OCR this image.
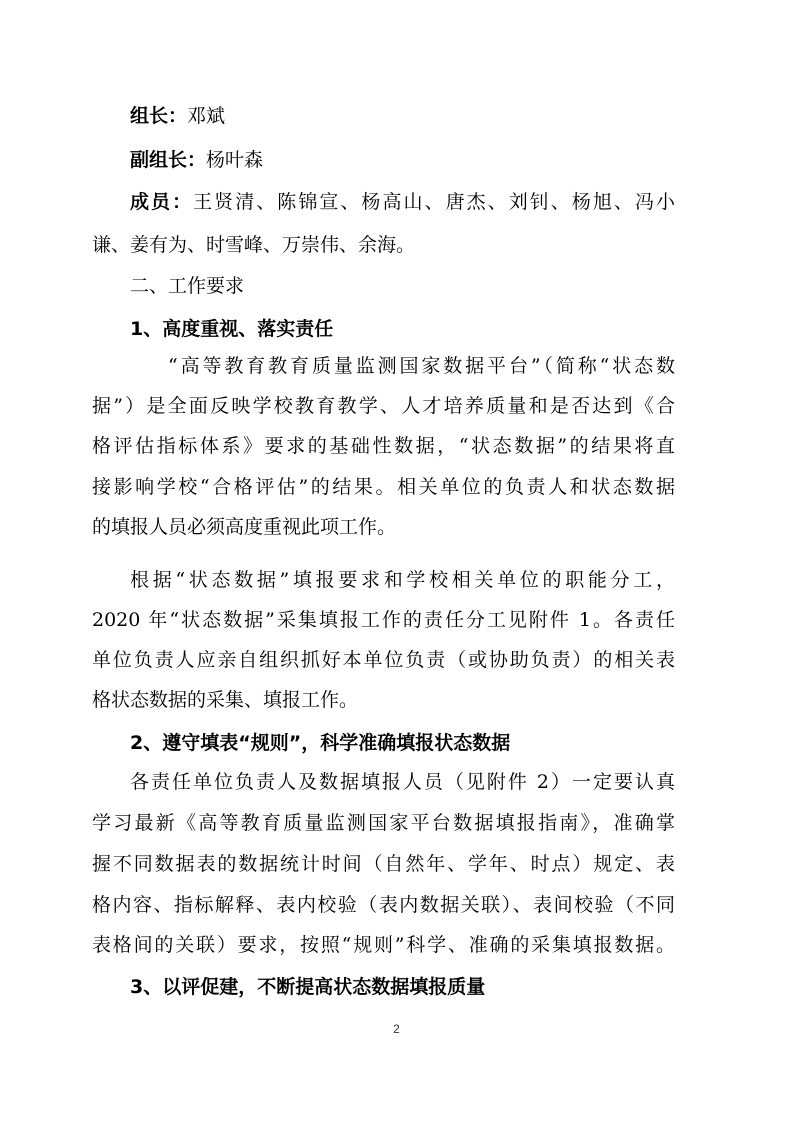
组长：邓斌
副组长：杨叶森
成员：王贤清、陈锦宣、杨高山、唐杰、刘钊、杨旭、冯小
谦、姜有为、时雪峰、万崇伟、余海。
二、工作要求
1、高度重视、落实责任
“高等教育教育质量监测国家数据平台”（简称“状态数
据”）是全面反映学校教育教学、人才培养质量和是否达到《合
格评估指标体系》要求的基础性数据，“状态数据”的结果将直
接影响学校“合格评估”的结果。相关单位的负责人和状态数据
的填报人员必须高度重视此项工作。
根据“状态数据”填报要求和学校相关单位的职能分工，
2020 年“状态数据”采集填报工作的责任分工见附件 1。各责任
单位负责人应亲自组织抓好本单位负责（或协助负责）的相关表
格状态数据的采集、填报工作。
2、遵守填表“规则”，科学准确填报状态数据
各责任单位负责人及数据填报人员（见附件 2）一定要认真
学习最新《高等教育质量监测国家平台数据填报指南》，准确掌
握不同数据表的数据统计时间（自然年、学年、时点）规定、表
格内容、指标解释、表内校验（表内数据关联）、表间校验（不同
表格间的关联）要求，按照“规则”科学、准确的采集填报数据。
3、以评促建，不断提高状态数据填报质量
2
